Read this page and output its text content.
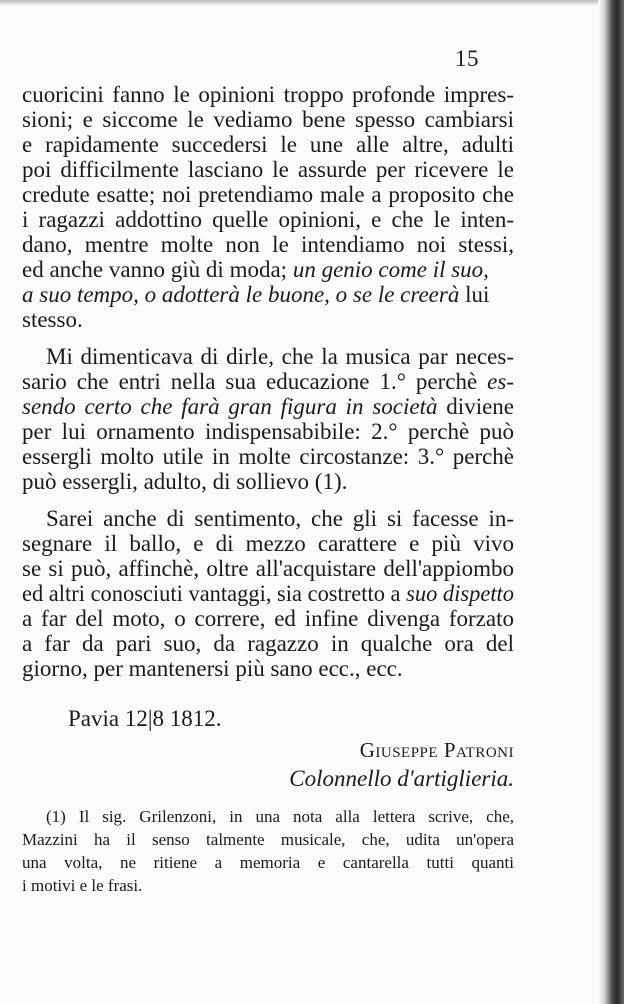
15
cuoricini fanno le opinioni troppo profonde impres-
sioni; e siccome le vediamo bene spesso cambiarsi
e rapidamente succedersi le une alle altre, adulti
poi difficilmente lasciano le assurde per ricevere le
credute esatte; noi pretendiamo male a proposito che
i ragazzi addottino quelle opinioni, e che le inten-
dano, mentre molte non le intendiamo noi stessi,
ed anche vanno giù di moda; un genio come il suo,
a suo tempo, o adotterà le buone, o se le creerà lui
stesso.
Mi dimenticava di dirle, che la musica par neces-
sario che entri nella sua educazione 1.° perchè es-
sendo certo che farà gran figura in società diviene
per lui ornamento indispensabibile: 2.° perchè può
essergli molto utile in molte circostanze: 3.° perchè
può essergli, adulto, di sollievo (1).
Sarei anche di sentimento, che gli si facesse in-
segnare il ballo, e di mezzo carattere e più vivo
se si può, affinchè, oltre all'acquistare dell'appiombo
ed altri conosciuti vantaggi, sia costretto a suo dispetto
a far del moto, o correre, ed infine divenga forzato
a far da pari suo, da ragazzo in qualche ora del
giorno, per mantenersi più sano ecc., ecc.
Pavia 12|8 1812.
Giuseppe Patroni
Colonnello d'artiglieria.
(1) Il sig. Grilenzoni, in una nota alla lettera scrive, che,
Mazzini ha il senso talmente musicale, che, udita un'opera
una volta, ne ritiene a memoria e cantarella tutti quanti
i motivi e le frasi.
